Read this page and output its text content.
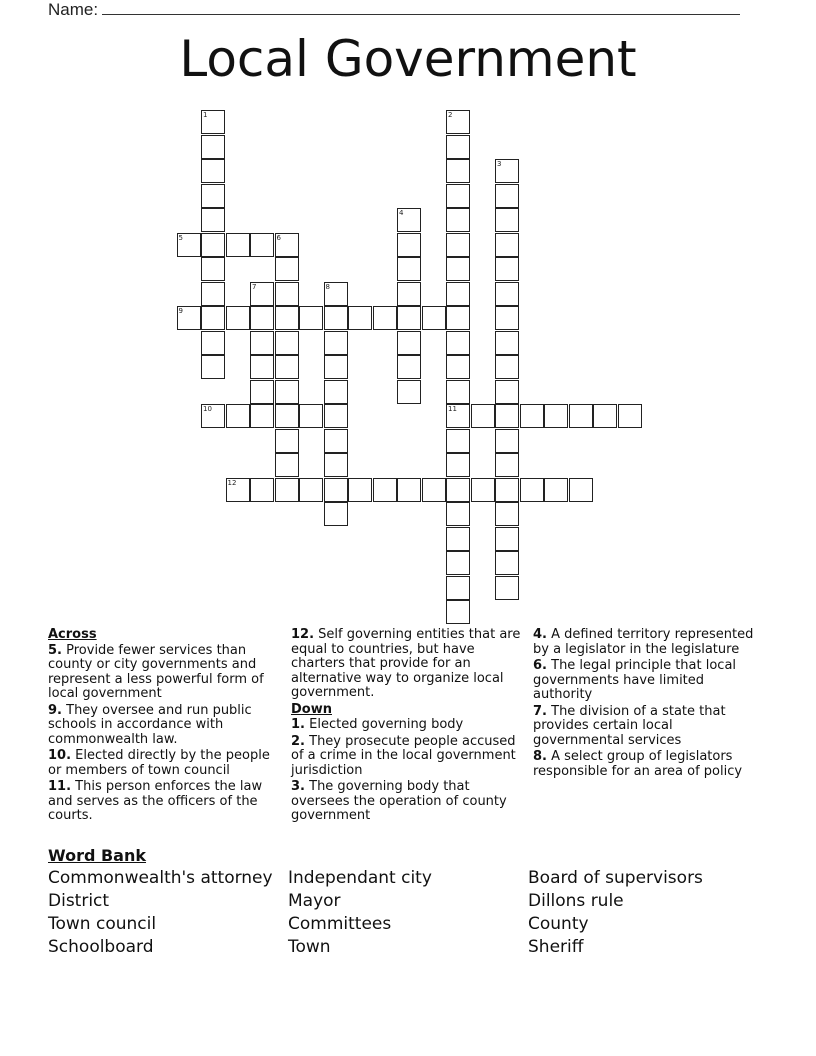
Name:
Local Government
5
9
10	11
12
1	2
3
4
6
7	8
Across
5. Provide fewer services than county or city governments and represent a less powerful form of local government
9. They oversee and run public schools in accordance with commonwealth law.
10. Elected directly by the people or members of town council
11. This person enforces the law and serves as the officers of the courts.
12. Self governing entities that are equal to countries, but have charters that provide for an alternative way to organize local government.
Down
1. Elected governing body
2. They prosecute people accused of a crime in the local government jurisdiction
3. The governing body that oversees the operation of county government
4. A defined territory represented by a legislator in the legislature
6. The legal principle that local governments have limited authority
7. The division of a state that provides certain local governmental services
8. A select group of legislators responsible for an area of policy
Word Bank
Commonwealth's attorney
District
Town council
Schoolboard
Independant city
Mayor
Committees
Town
Board of supervisors
Dillons rule
County
Sheriff
